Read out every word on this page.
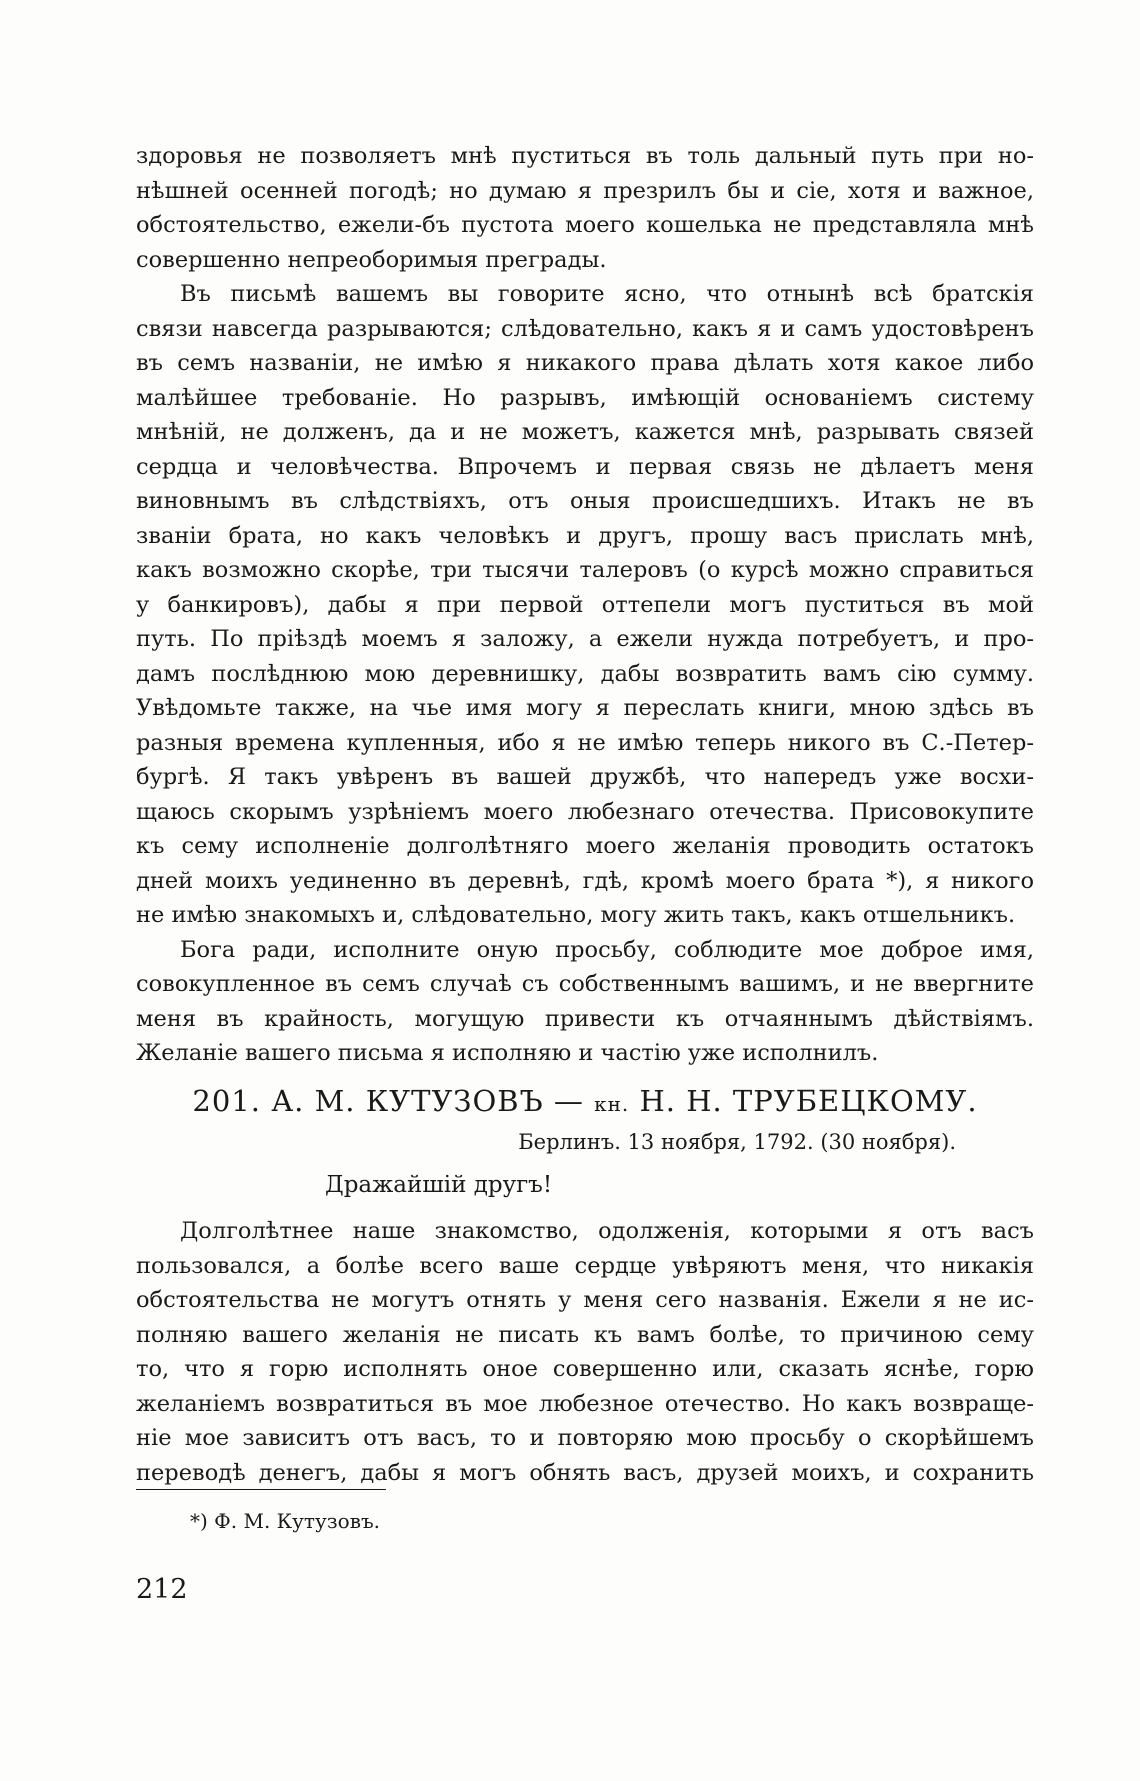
здоровья не позволяетъ мнѣ пуститься въ толь дальный путь при но-
нѣшней осенней погодѣ; но думаю я презрилъ бы и сіе, хотя и важное,
обстоятельство, ежели-бъ пустота моего кошелька не представляла мнѣ
совершенно непреоборимыя преграды.
Въ письмѣ вашемъ вы говорите ясно, что отнынѣ всѣ братскія
связи навсегда разрываются; слѣдовательно, какъ я и самъ удостовѣренъ
въ семъ названіи, не имѣю я никакого права дѣлать хотя какое либо
малѣйшее требованіе. Но разрывъ, имѣющій основаніемъ систему
мнѣній, не долженъ, да и не можетъ, кажется мнѣ, разрывать связей
сердца и человѣчества. Впрочемъ и первая связь не дѣлаетъ меня
виновнымъ въ слѣдствіяхъ, отъ оныя происшедшихъ. Итакъ не въ
званіи брата, но какъ человѣкъ и другъ, прошу васъ прислать мнѣ,
какъ возможно скорѣе, три тысячи талеровъ (о курсѣ можно справиться
у банкировъ), дабы я при первой оттепели могъ пуститься въ мой
путь. По пріѣздѣ моемъ я заложу, а ежели нужда потребуетъ, и про-
дамъ послѣднюю мою деревнишку, дабы возвратить вамъ сію сумму.
Увѣдомьте также, на чье имя могу я переслать книги, мною здѣсь въ
разныя времена купленныя, ибо я не имѣю теперь никого въ С.-Петер-
бургѣ. Я такъ увѣренъ въ вашей дружбѣ, что напередъ уже восхи-
щаюсь скорымъ узрѣніемъ моего любезнаго отечества. Присовокупите
къ сему исполненіе долголѣтняго моего желанія проводить остатокъ
дней моихъ уединенно въ деревнѣ, гдѣ, кромѣ моего брата *), я никого
не имѣю знакомыхъ и, слѣдовательно, могу жить такъ, какъ отшельникъ.
Бога ради, исполните оную просьбу, соблюдите мое доброе имя,
совокупленное въ семъ случаѣ съ собственнымъ вашимъ, и не ввергните
меня въ крайность, могущую привести къ отчаяннымъ дѣйствіямъ.
Желаніе вашего письма я исполняю и частію уже исполнилъ.
201. А. М. КУТУЗОВЪ — кн. Н. Н. ТРУБЕЦКОМУ.
Берлинъ. 13 ноября, 1792. (30 ноября).
Дражайшій другъ!
Долголѣтнее наше знакомство, одолженія, которыми я отъ васъ
пользовался, а болѣе всего ваше сердце увѣряютъ меня, что никакія
обстоятельства не могутъ отнять у меня сего названія. Ежели я не ис-
полняю вашего желанія не писать къ вамъ болѣе, то причиною сему
то, что я горю исполнять оное совершенно или, сказать яснѣе, горю
желаніемъ возвратиться въ мое любезное отечество. Но какъ возвраще-
ніе мое зависитъ отъ васъ, то и повторяю мою просьбу о скорѣйшемъ
переводѣ денегъ, дабы я могъ обнять васъ, друзей моихъ, и сохранить
*) Ф. М. Кутузовъ.
212
